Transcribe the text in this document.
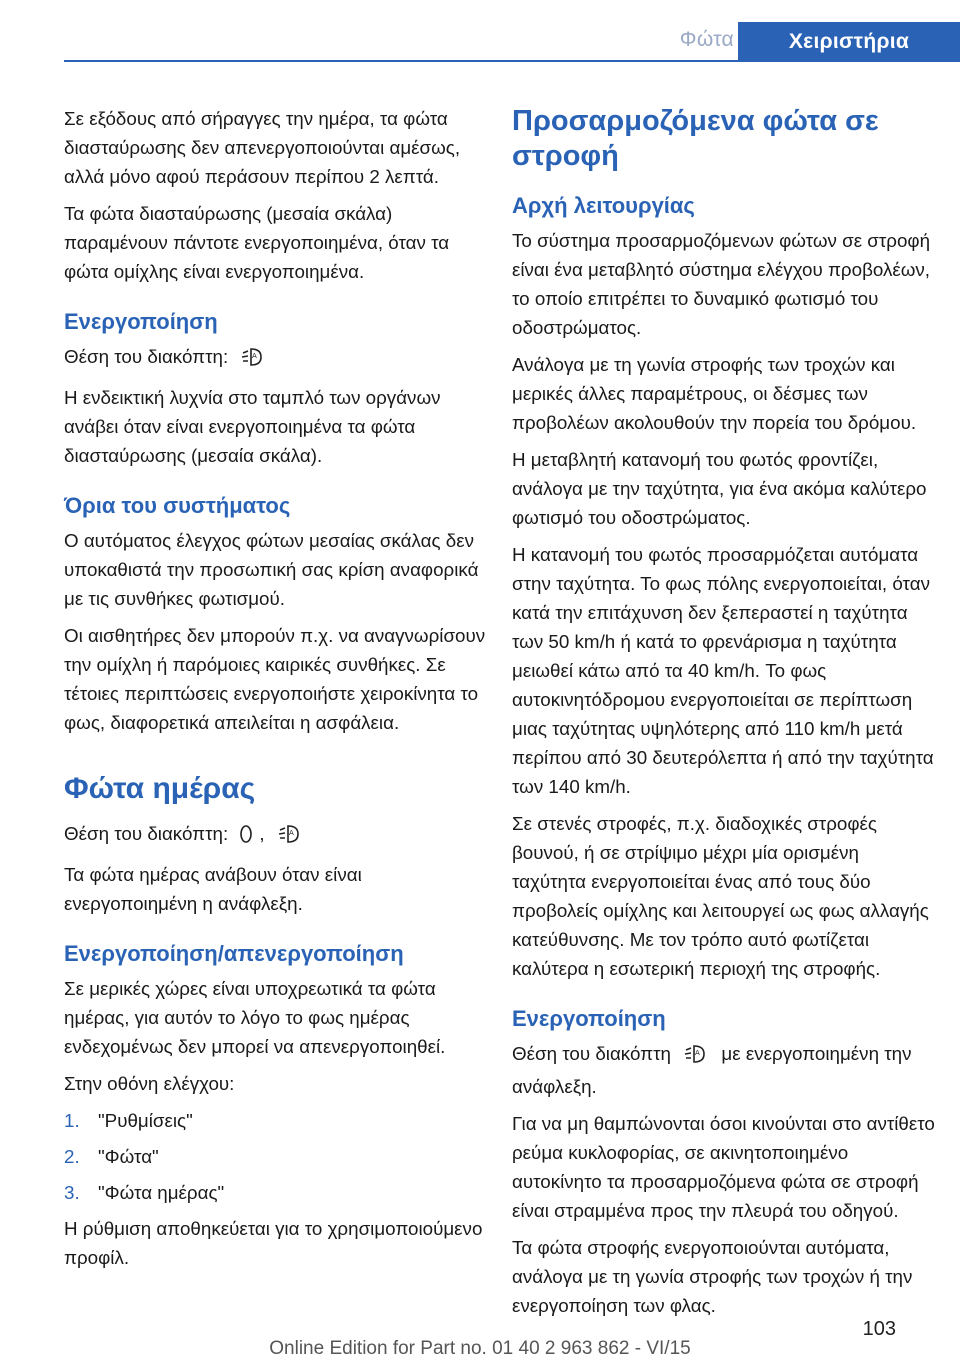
Φώτα	Χειριστήρια

Σε εξόδους από σήραγγες την ημέρα, τα φώτα διασταύρωσης δεν απενεργοποιούνται αμέσως, αλλά μόνο αφού περάσουν περίπου 2 λεπτά.

Τα φώτα διασταύρωσης (μεσαία σκάλα) παραμένουν πάντοτε ενεργοποιημένα, όταν τα φώτα ομίχλης είναι ενεργοποιημένα.

Ενεργοποίηση

Θέση του διακόπτη:	A

Η ενδεικτική λυχνία στο ταμπλό των οργάνων ανάβει όταν είναι ενεργοποιημένα τα φώτα διασταύρωσης (μεσαία σκάλα).

Όρια του συστήματος

Ο αυτόματος έλεγχος φώτων μεσαίας σκάλας δεν υποκαθιστά την προσωπική σας κρίση αναφορικά με τις συνθήκες φωτισμού.

Οι αισθητήρες δεν μπορούν π.χ. να αναγνωρίσουν την ομίχλη ή παρόμοιες καιρικές συνθήκες. Σε τέτοιες περιπτώσεις ενεργοποιήστε χειροκίνητα το φως, διαφορετικά απειλείται η ασφάλεια.

Φώτα ημέρας

Θέση του διακόπτη: ,	A

Τα φώτα ημέρας ανάβουν όταν είναι ενεργοποιημένη η ανάφλεξη.

Ενεργοποίηση/απενεργοποίηση

Σε μερικές χώρες είναι υποχρεωτικά τα φώτα ημέρας, για αυτόν το λόγο το φως ημέρας ενδεχομένως δεν μπορεί να απενεργοποιηθεί.

Στην οθόνη ελέγχου:

1. "Ρυθμίσεις"
2. "Φώτα"
3. "Φώτα ημέρας"

Η ρύθμιση αποθηκεύεται για το χρησιμοποιούμενο προφίλ.

Προσαρμοζόμενα φώτα σε στροφή
Αρχή λειτουργίας

Το σύστημα προσαρμοζόμενων φώτων σε στροφή είναι ένα μεταβλητό σύστημα ελέγχου προβολέων, το οποίο επιτρέπει το δυναμικό φωτισμό του οδοστρώματος.

Ανάλογα με τη γωνία στροφής των τροχών και μερικές άλλες παραμέτρους, οι δέσμες των προβολέων ακολουθούν την πορεία του δρόμου.

Η μεταβλητή κατανομή του φωτός φροντίζει, ανάλογα με την ταχύτητα, για ένα ακόμα καλύτερο φωτισμό του οδοστρώματος.

Η κατανομή του φωτός προσαρμόζεται αυτόματα στην ταχύτητα. Το φως πόλης ενεργοποιείται, όταν κατά την επιτάχυνση δεν ξεπεραστεί η ταχύτητα των 50 km/h ή κατά το φρενάρισμα η ταχύτητα μειωθεί κάτω από τα 40 km/h. Το φως αυτοκινητόδρομου ενεργοποιείται σε περίπτωση μιας ταχύτητας υψηλότερης από 110 km/h μετά περίπου από 30 δευτερόλεπτα ή από την ταχύτητα των 140 km/h.

Σε στενές στροφές, π.χ. διαδοχικές στροφές βουνού, ή σε στρίψιμο μέχρι μία ορισμένη ταχύτητα ενεργοποιείται ένας από τους δύο προβολείς ομίχλης και λειτουργεί ως φως αλλαγής κατεύθυνσης. Με τον τρόπο αυτό φωτίζεται καλύτερα η εσωτερική περιοχή της στροφής.

Ενεργοποίηση

Θέση του διακόπτη	A με ενεργοποιημένη την ανάφλεξη.

Για να μη θαμπώνονται όσοι κινούνται στο αντίθετο ρεύμα κυκλοφορίας, σε ακινητοποιημένο αυτοκίνητο τα προσαρμοζόμενα φώτα σε στροφή είναι στραμμένα προς την πλευρά του οδηγού.

Τα φώτα στροφής ενεργοποιούνται αυτόματα, ανάλογα με τη γωνία στροφής των τροχών ή την ενεργοποίηση των φλας.

103
Online Edition for Part no. 01 40 2 963 862 - VI/15
